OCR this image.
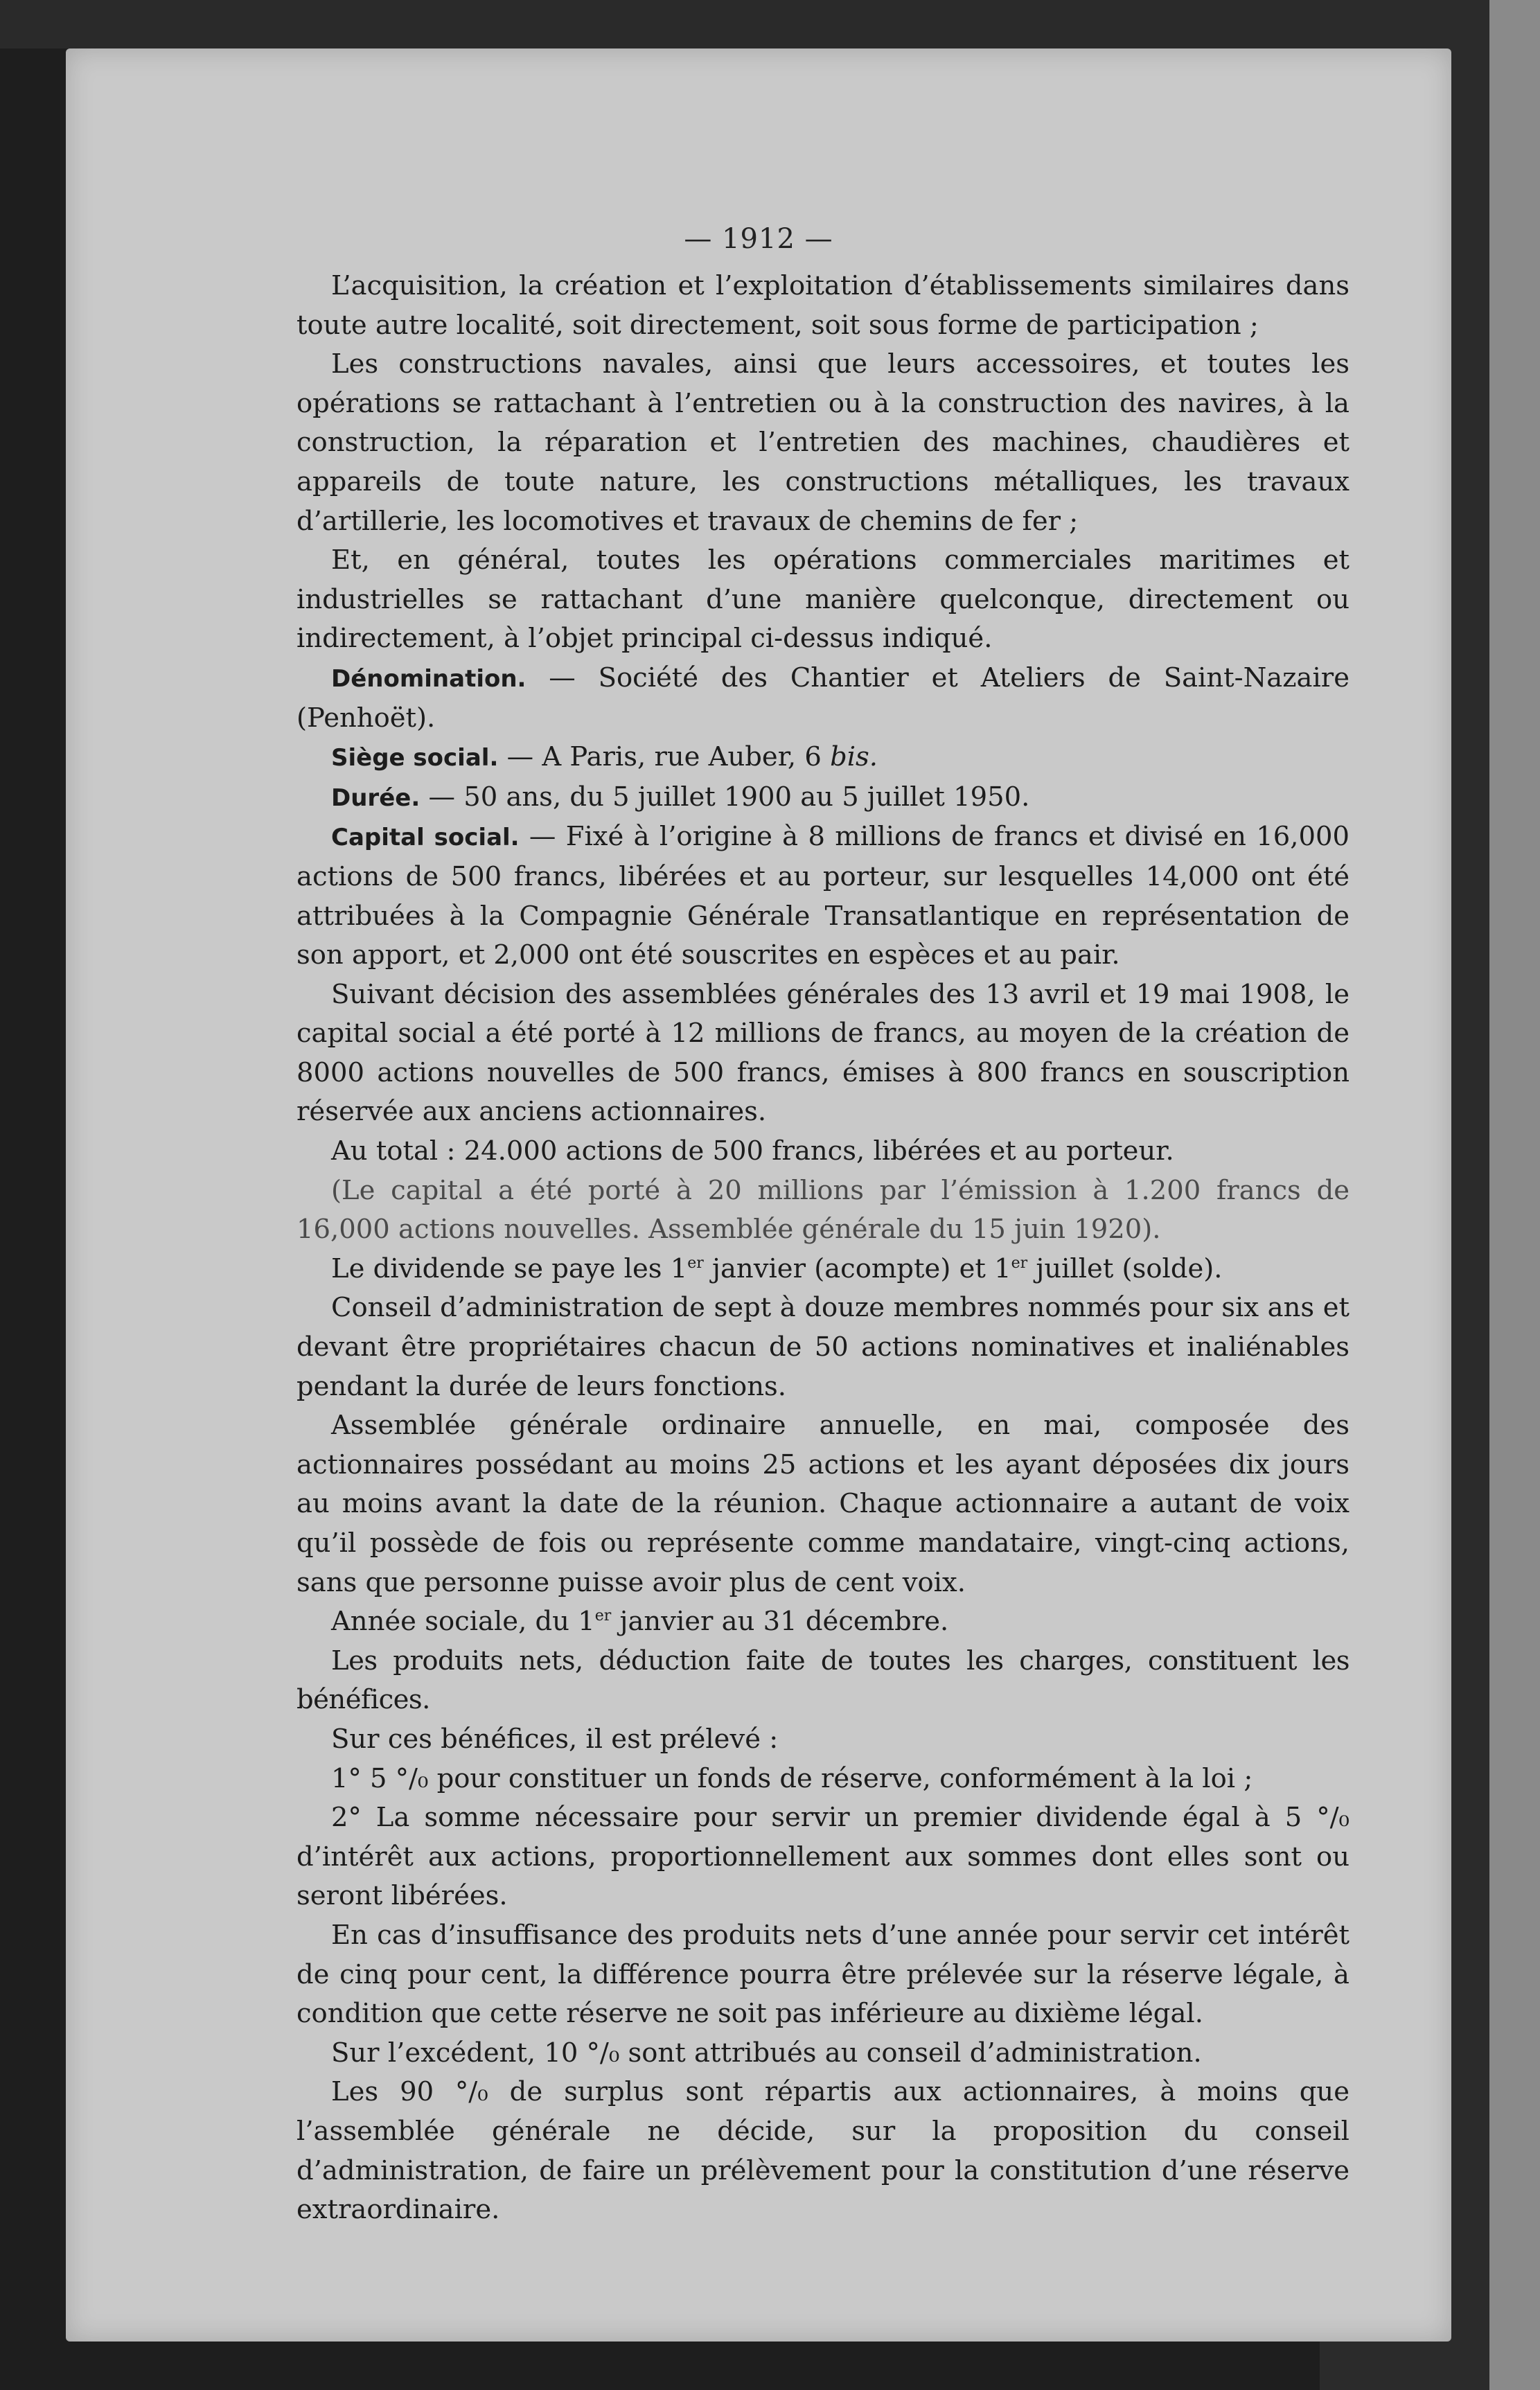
— 1912 —

L’acquisition, la création et l’exploitation d’établissements similaires dans toute autre localité, soit directement, soit sous forme de participation ;

Les constructions navales, ainsi que leurs accessoires, et toutes les opérations se rattachant à l’entretien ou à la construction des navires, à la construction, la réparation et l’entretien des machines, chaudières et appareils de toute nature, les constructions métalliques, les travaux d’artillerie, les locomotives et travaux de chemins de fer ;

Et, en général, toutes les opérations commerciales maritimes et industrielles se rattachant d’une manière quelconque, directement ou indirectement, à l’objet principal ci-dessus indiqué.

Dénomination. — Société des Chantier et Ateliers de Saint-Nazaire (Penhoët).

Siège social. — A Paris, rue Auber, 6 bis.

Durée. — 50 ans, du 5 juillet 1900 au 5 juillet 1950.

Capital social. — Fixé à l’origine à 8 millions de francs et divisé en 16,000 actions de 500 francs, libérées et au porteur, sur lesquelles 14,000 ont été attribuées à la Compagnie Générale Transatlantique en représentation de son apport, et 2,000 ont été souscrites en espèces et au pair.

Suivant décision des assemblées générales des 13 avril et 19 mai 1908, le capital social a été porté à 12 millions de francs, au moyen de la création de 8000 actions nouvelles de 500 francs, émises à 800 francs en souscription réservée aux anciens actionnaires.

Au total : 24.000 actions de 500 francs, libérées et au porteur.

(Le capital a été porté à 20 millions par l’émission à 1.200 francs de 16,000 actions nouvelles. Assemblée générale du 15 juin 1920).

Le dividende se paye les 1er janvier (acompte) et 1er juillet (solde).

Conseil d’administration de sept à douze membres nommés pour six ans et devant être propriétaires chacun de 50 actions nominatives et inaliénables pendant la durée de leurs fonctions.

Assemblée générale ordinaire annuelle, en mai, composée des actionnaires possédant au moins 25 actions et les ayant déposées dix jours au moins avant la date de la réunion. Chaque actionnaire a autant de voix qu’il possède de fois ou représente comme mandataire, vingt-cinq actions, sans que personne puisse avoir plus de cent voix.

Année sociale, du 1er janvier au 31 décembre.

Les produits nets, déduction faite de toutes les charges, constituent les bénéfices.

Sur ces bénéfices, il est prélevé :

1° 5 °/₀ pour constituer un fonds de réserve, conformément à la loi ;

2° La somme nécessaire pour servir un premier dividende égal à 5 °/₀ d’intérêt aux actions, proportionnellement aux sommes dont elles sont ou seront libérées.

En cas d’insuffisance des produits nets d’une année pour servir cet intérêt de cinq pour cent, la différence pourra être prélevée sur la réserve légale, à condition que cette réserve ne soit pas inférieure au dixième légal.

Sur l’excédent, 10 °/₀ sont attribués au conseil d’administration.

Les 90 °/₀ de surplus sont répartis aux actionnaires, à moins que l’assemblée générale ne décide, sur la proposition du conseil d’administration, de faire un prélèvement pour la constitution d’une réserve extraordinaire.
